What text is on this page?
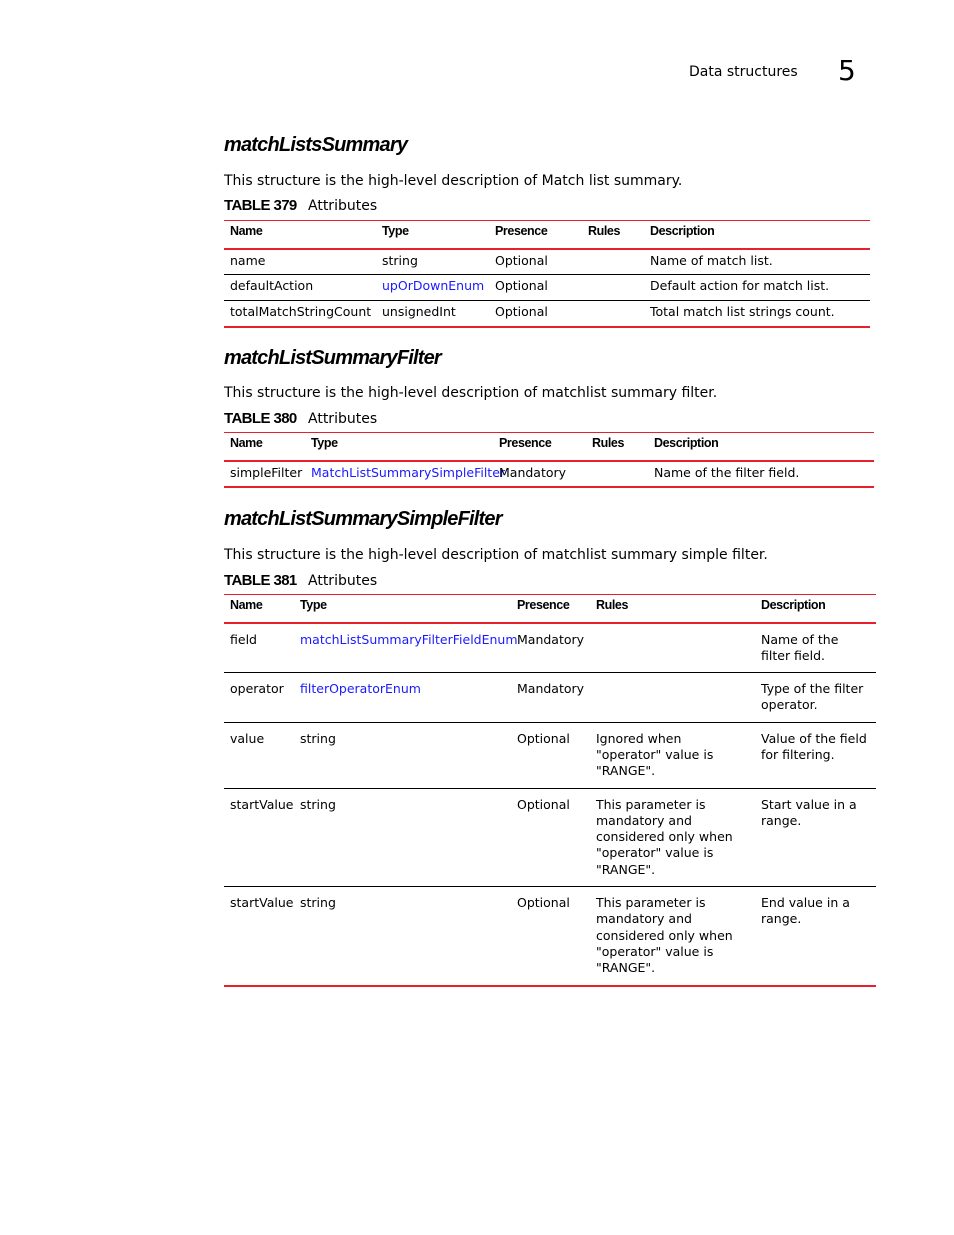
Data structures 5
matchListsSummary
This structure is the high-level description of Match list summary.
TABLE 379 Attributes
Name	Type	Presence	Rules	Description
name	string	Optional		Name of match list.
defaultAction	upOrDownEnum	Optional		Default action for match list.
totalMatchStringCount	unsignedInt	Optional		Total match list strings count.
matchListSummaryFilter
This structure is the high-level description of matchlist summary filter.
TABLE 380 Attributes
Name	Type	Presence	Rules	Description
simpleFilter	MatchListSummarySimpleFilter	Mandatory		Name of the filter field.
matchListSummarySimpleFilter
This structure is the high-level description of matchlist summary simple filter.
TABLE 381 Attributes
Name	Type	Presence	Rules	Description
field	matchListSummaryFilterFieldEnum	Mandatory		Name of the filter field.
operator	filterOperatorEnum	Mandatory		Type of the filter operator.
value	string	Optional	Ignored when "operator" value is "RANGE".	Value of the field for filtering.
startValue	string	Optional	This parameter is mandatory and considered only when "operator" value is "RANGE".	Start value in a range.
startValue	string	Optional	This parameter is mandatory and considered only when "operator" value is "RANGE".	End value in a range.
